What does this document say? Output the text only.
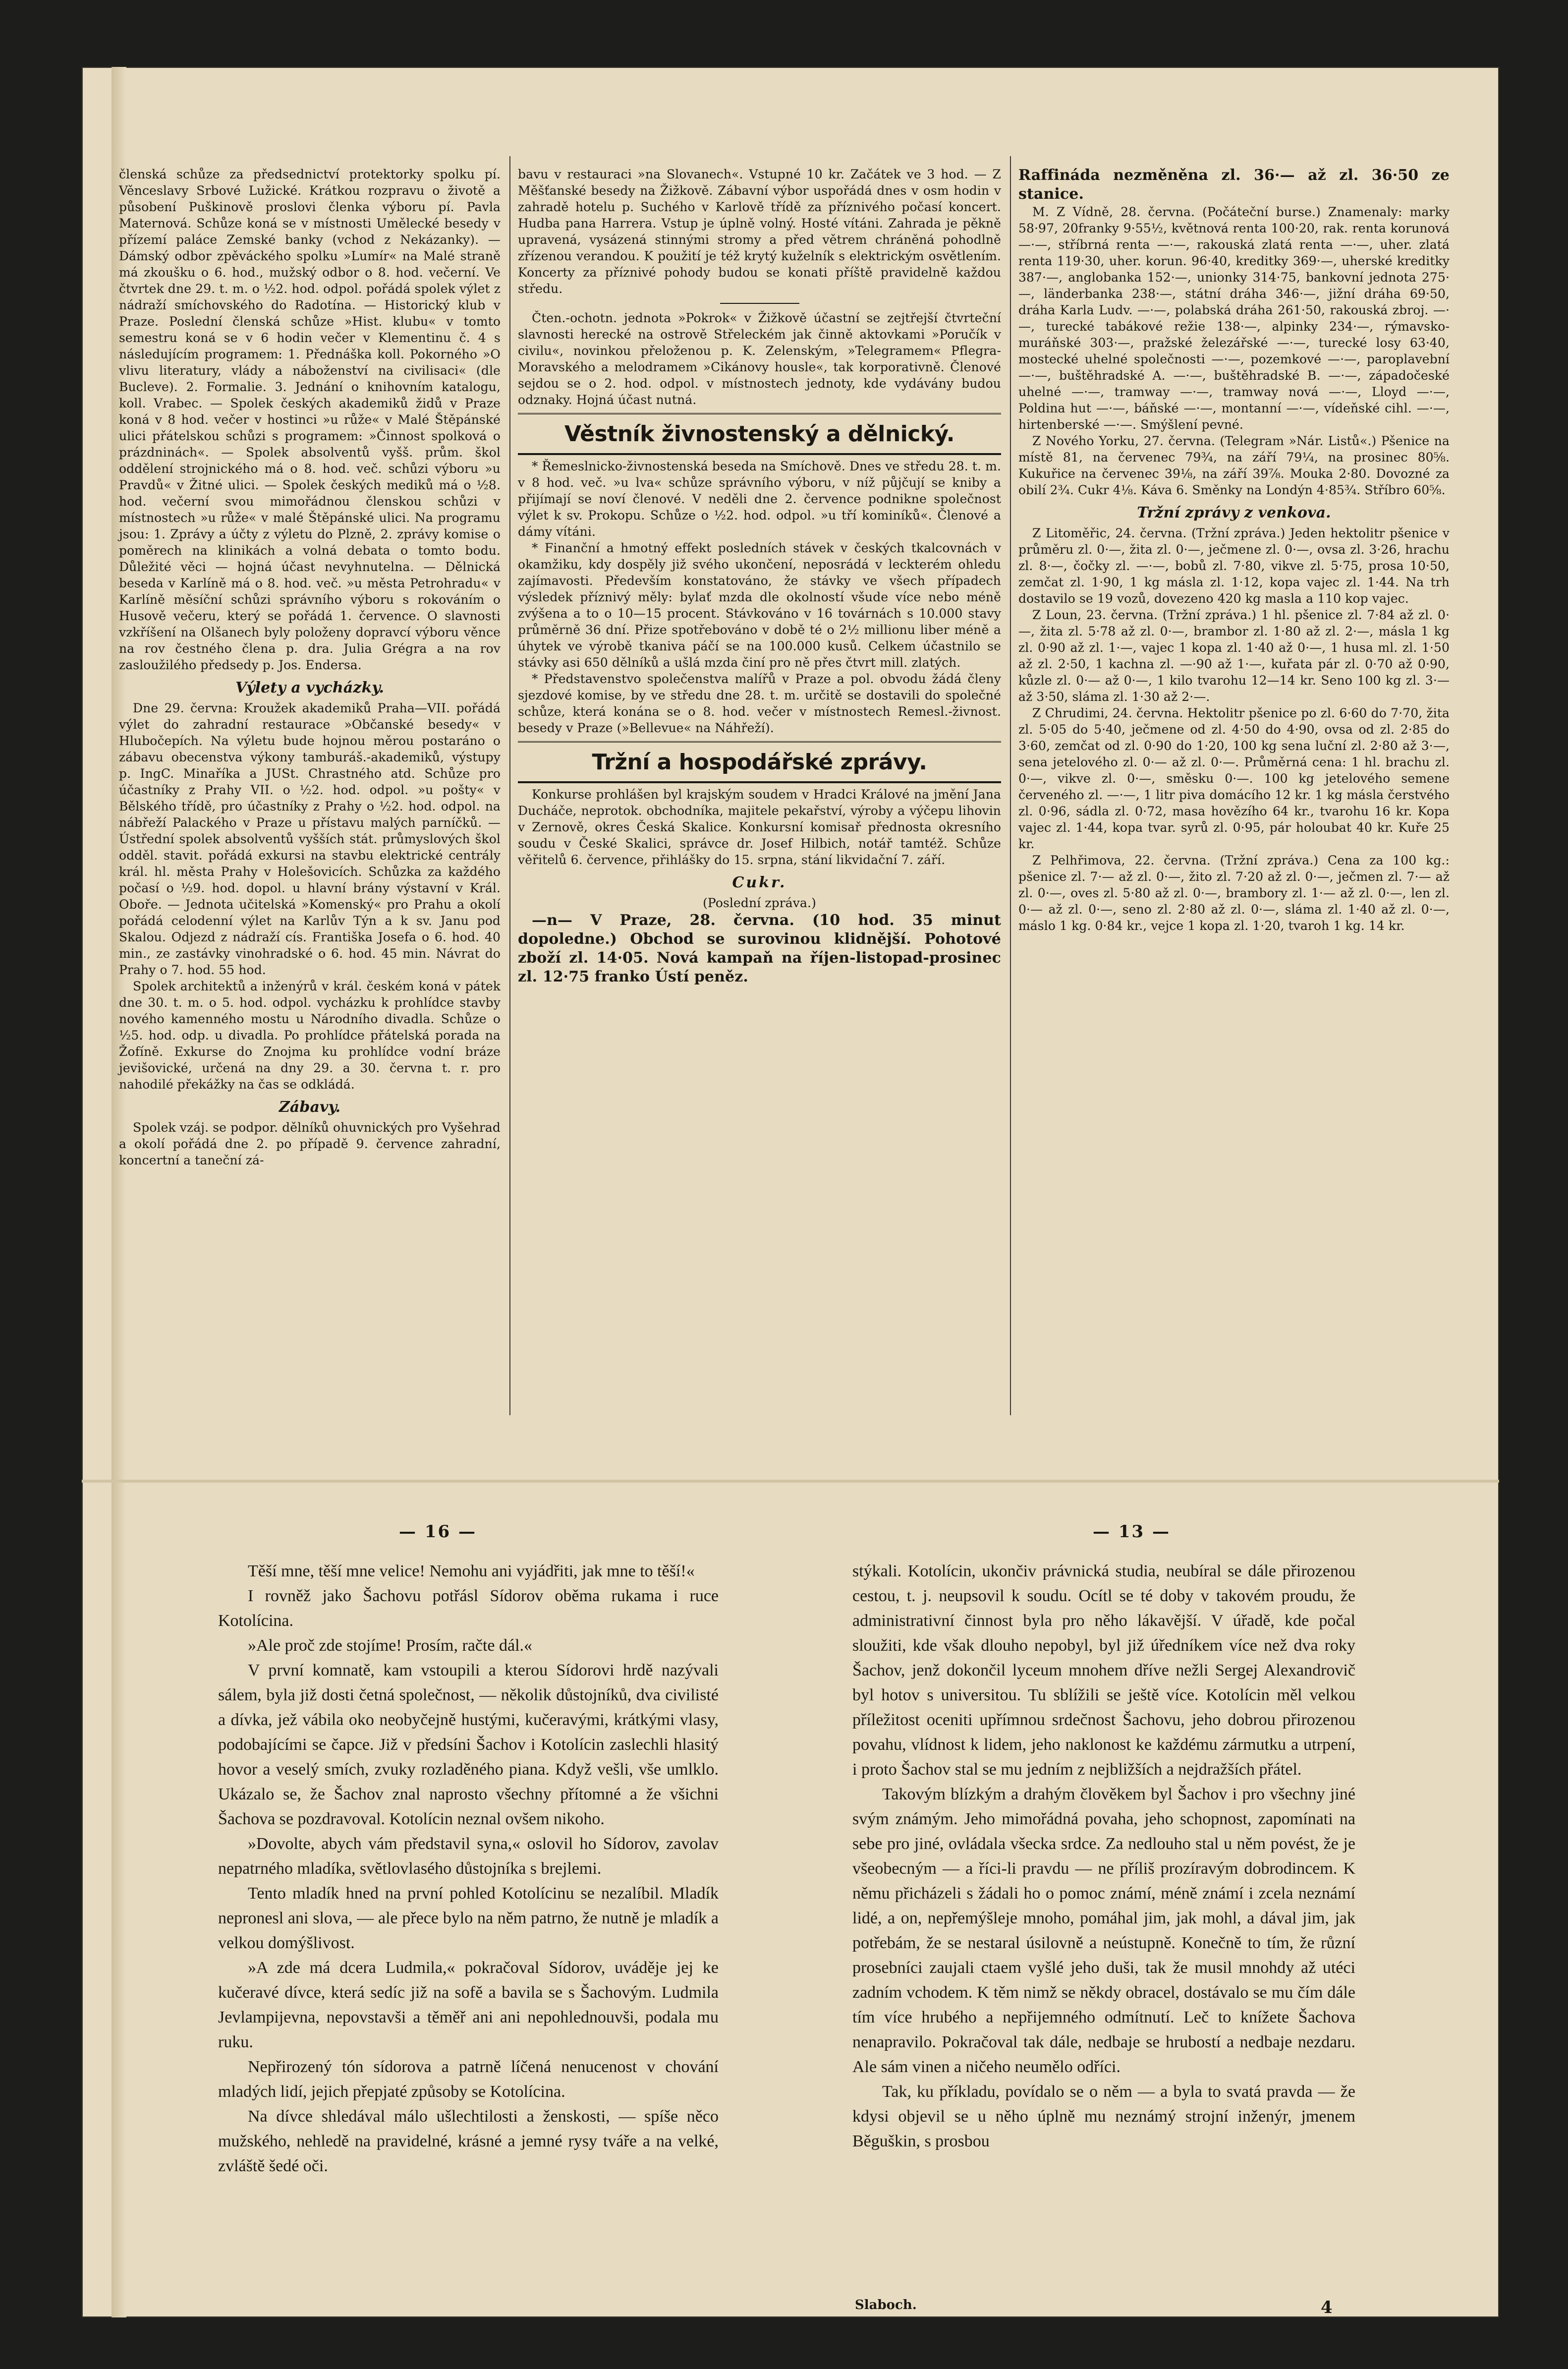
členská schůze za předsednictví protektorky spolku pí. Věnceslavy Srbové Lužické. Krátkou rozpravu o životě a působení Puškinově proslovi členka výboru pí. Pavla Maternová. Schůze koná se v místnosti Umělecké besedy v přízemí paláce Zemské banky (vchod z Nekázanky). — Dámský odbor zpěváckého spolku »Lumír« na Malé straně má zkoušku o 6. hod., mužský odbor o 8. hod. večerní. Ve čtvrtek dne 29. t. m. o ½2. hod. odpol. pořádá spolek výlet z nádraží smíchovského do Radotína. — Historický klub v Praze. Poslední členská schůze »Hist. klubu« v tomto semestru koná se v 6 hodin večer v Klementinu č. 4 s následujícím programem: 1. Přednáška koll. Pokorného »O vlivu literatury, vlády a náboženství na civilisaci« (dle Bucleve). 2. Formalie. 3. Jednání o knihovním katalogu, koll. Vrabec. — Spolek českých akademiků židů v Praze koná v 8 hod. večer v hostinci »u růže« v Malé Štěpánské ulici přátelskou schůzi s programem: »Činnost spolková o prázdninách«. — Spolek absolventů vyšš. prům. škol oddělení strojnického má o 8. hod. več. schůzi výboru »u Pravdů« v Žitné ulici. — Spolek českých mediků má o ½8. hod. večerní svou mimořádnou členskou schůzi v místnostech »u růže« v malé Štěpánské ulici. Na programu jsou: 1. Zprávy a účty z výletu do Plzně, 2. zprávy komise o poměrech na klinikách a volná debata o tomto bodu. Důležité věci — hojná účast nevyhnutelna. — Dělnická beseda v Karlíně má o 8. hod. več. »u města Petrohradu« v Karlíně měsíční schůzi správního výboru s rokováním o Husově večeru, který se pořádá 1. července. O slavnosti vzkříšení na Olšanech byly položeny dopravcí výboru věnce na rov čestného člena p. dra. Julia Grégra a na rov zasloužilého předsedy p. Jos. Endersa.

Výlety a vycházky.

Dne 29. června: Kroužek akademiků Praha—VII. pořádá výlet do zahradní restaurace »Občanské besedy« v Hlubočepích. Na výletu bude hojnou měrou postaráno o zábavu obecenstva výkony tamburáš.-akademiků, výstupy p. IngC. Minaříka a JUSt. Chrastného atd. Schůze pro účastníky z Prahy VII. o ½2. hod. odpol. »u pošty« v Bělského třídě, pro účastníky z Prahy o ½2. hod. odpol. na nábřeží Palackého v Praze u přístavu malých parníčků. — Ústřední spolek absolventů vyšších stát. průmyslových škol odděl. stavit. pořádá exkursi na stavbu elektrické centrály král. hl. města Prahy v Holešovicích. Schůzka za každého počasí o ½9. hod. dopol. u hlavní brány výstavní v Král. Oboře. — Jednota učitelská »Komenský« pro Prahu a okolí pořádá celodenní výlet na Karlův Týn a k sv. Janu pod Skalou. Odjezd z nádraží cís. Františka Josefa o 6. hod. 40 min., ze zastávky vinohradské o 6. hod. 45 min. Návrat do Prahy o 7. hod. 55 hod.

Spolek architektů a inženýrů v král. českém koná v pátek dne 30. t. m. o 5. hod. odpol. vycházku k prohlídce stavby nového kamenného mostu u Národního divadla. Schůze o ½5. hod. odp. u divadla. Po prohlídce přátelská porada na Žofíně. Exkurse do Znojma ku prohlídce vodní bráze jevišovické, určená na dny 29. a 30. června t. r. pro nahodilé překážky na čas se odkládá.

Zábavy.

Spolek vzáj. se podpor. dělníků ohuvnických pro Vyšehrad a okolí pořádá dne 2. po případě 9. července zahradní, koncertní a taneční zá-

bavu v restauraci »na Slovanech«. Vstupné 10 kr. Začátek ve 3 hod. — Z Měšťanské besedy na Žižkově. Zábavní výbor uspořádá dnes v osm hodin v zahradě hotelu p. Suchého v Karlově třídě za příznivého počasí koncert. Hudba pana Harrera. Vstup je úplně volný. Hosté vítáni. Zahrada je pěkně upravená, vysázená stinnými stromy a před větrem chráněná pohodlně zřízenou verandou. K použití je též krytý kuželník s elektrickým osvětlením. Koncerty za příznivé pohody budou se konati příště pravidelně každou středu.

Čten.-ochotn. jednota »Pokrok« v Žižkově účastní se zejtřejší čtvrteční slavnosti herecké na ostrově Střeleckém jak činně aktovkami »Poručík v civilu«, novinkou přeloženou p. K. Zelenským, »Telegramem« Pflegra-Moravského a melodramem »Cikánovy housle«, tak korporativně. Členové sejdou se o 2. hod. odpol. v místnostech jednoty, kde vydávány budou odznaky. Hojná účast nutná.

Věstník živnostenský a dělnický.

* Řemeslnicko-živnostenská beseda na Smíchově. Dnes ve středu 28. t. m. v 8 hod. več. »u lva« schůze správního výboru, v níž půjčují se kniby a přijímají se noví členové. V neděli dne 2. července podniknе společnost výlet k sv. Prokopu. Schůze o ½2. hod. odpol. »u tří kominíků«. Členové a dámy vítáni.

* Finanční a hmotný effekt posledních stávek v českých tkalcovnách v okamžiku, kdy dospěly již svého ukončení, neposrádá v leckterém ohledu zajímavosti. Především konstatováno, že stávky ve všech případech výsledek příznivý měly: bylať mzda dle okolností všude více nebo méně zvýšena a to o 10—15 procent. Stávkováno v 16 továrnách s 10.000 stavy průměrně 36 dní. Přize spotřebováno v době té o 2½ millionu liber méně a úhytek ve výrobě tkaniva páčí se na 100.000 kusů. Celkem účastnilo se stávky asi 650 dělníků a ušlá mzda činí pro ně přes čtvrt mill. zlatých.

* Představenstvo společenstva malířů v Praze a pol. obvodu žádá členy sjezdové komise, by ve středu dne 28. t. m. určitě se dostavili do společné schůze, která konána se o 8. hod. večer v místnostech Remesl.-živnost. besedy v Praze (»Bellevue« na Náhřeží).

Tržní a hospodářské zprávy.

Konkurse prohlášen byl krajským soudem v Hradci Králové na jmění Jana Ducháče, neprotok. obchodníka, majitele pekařství, výroby a výčepu lihovin v Zernově, okres Česká Skalice. Konkursní komisař přednosta okresního soudu v České Skalici, správce dr. Josef Hilbich, notář tamtéž. Schůze věřitelů 6. července, přihlášky do 15. srpna, stání likvidační 7. září.

Cukr.
(Poslední zpráva.)

—n— V Praze, 28. června. (10 hod. 35 minut dopoledne.) Obchod se surovinou klidnější. Pohotové zboží zl. 14·05. Nová kampaň na říjen-listopad-prosinec zl. 12·75 franko Ústí peněz.

Raffináda nezměněna zl. 36·— až zl. 36·50 ze stanice.

M. Z Vídně, 28. června. (Počáteční burse.) Znamenaly: marky 58·97, 20franky 9·55½, květnová renta 100·20, rak. renta korunová —·—, stříbrná renta —·—, rakouská zlatá renta —·—, uher. zlatá renta 119·30, uher. korun. 96·40, kreditky 369·—, uherské kreditky 387·—, anglobanka 152·—, unionky 314·75, bankovní jednota 275·—, länderbanka 238·—, státní dráha 346·—, jižní dráha 69·50, dráha Karla Ludv. —·—, polabská dráha 261·50, rakouská zbroj. —·—, turecké tabákové režie 138·—, alpinky 234·—, rýmavsko-muráňské 303·—, pražské železářské —·—, turecké losy 63·40, mostecké uhelné společnosti —·—, pozemkové —·—, paroplavební —·—, buštěhradské A. —·—, buštěhradské B. —·—, západočeské uhelné —·—, tramway —·—, tramway nová —·—, Lloyd —·—, Poldina hut —·—, báňské —·—, montanní —·—, vídeňské cihl. —·—, hirtenberské —·—. Smýšlení pevné.

Z Nového Yorku, 27. června. (Telegram »Nár. Listů«.) Pšenice na místě 81, na červenec 79¾, na září 79¼, na prosinec 80⅝. Kukuřice na červenec 39⅛, na září 39⅞. Mouka 2·80. Dovozné za obilí 2¾. Cukr 4⅛. Káva 6. Směnky na Londýn 4·85¾. Stříbro 60⅝.

Tržní zprávy z venkova.

Z Litoměřic, 24. června. (Tržní zpráva.) Jeden hektolitr pšenice v průměru zl. 0·—, žita zl. 0·—, ječmene zl. 0·—, ovsa zl. 3·26, hrachu zl. 8·—, čočky zl. —·—, bobů zl. 7·80, vikve zl. 5·75, prosa 10·50, zemčat zl. 1·90, 1 kg másla zl. 1·12, kopa vajec zl. 1·44. Na trh dostavilo se 19 vozů, dovezeno 420 kg masla a 110 kop vajec.

Z Loun, 23. června. (Tržní zpráva.) 1 hl. pšenice zl. 7·84 až zl. 0·—, žita zl. 5·78 až zl. 0·—, brambor zl. 1·80 až zl. 2·—, másla 1 kg zl. 0·90 až zl. 1·—, vajec 1 kopa zl. 1·40 až 0·—, 1 husa ml. zl. 1·50 až zl. 2·50, 1 kachna zl. —·90 až 1·—, kuřata pár zl. 0·70 až 0·90, kůzle zl. 0·— až 0·—, 1 kilo tvarohu 12—14 kr. Seno 100 kg zl. 3·— až 3·50, sláma zl. 1·30 až 2·—.

Z Chrudimi, 24. června. Hektolitr pšenice po zl. 6·60 do 7·70, žita zl. 5·05 do 5·40, ječmene od zl. 4·50 do 4·90, ovsa od zl. 2·85 do 3·60, zemčat od zl. 0·90 do 1·20, 100 kg sena luční zl. 2·80 až 3·—, sena jetelového zl. 0·— až zl. 0·—. Průměrná cena: 1 hl. brachu zl. 0·—, vikve zl. 0·—, směsku 0·—. 100 kg jetelového semene červeného zl. —·—, 1 litr piva domácího 12 kr. 1 kg másla čerstvého zl. 0·96, sádla zl. 0·72, masa hovězího 64 kr., tvarohu 16 kr. Kopa vajec zl. 1·44, kopa tvar. syrů zl. 0·95, pár holoubat 40 kr. Kuře 25 kr.

Z Pelhřimova, 22. června. (Tržní zpráva.) Cena za 100 kg.: pšenice zl. 7·— až zl. 0·—, žito zl. 7·20 až zl. 0·—, ječmen zl. 7·— až zl. 0·—, oves zl. 5·80 až zl. 0·—, brambory zl. 1·— až zl. 0·—, len zl. 0·— až zl. 0·—, seno zl. 2·80 až zl. 0·—, sláma zl. 1·40 až zl. 0·—, máslo 1 kg. 0·84 kr., vejce 1 kopa zl. 1·20, tvaroh 1 kg. 14 kr.

— 16 —	— 13 —

Těší mne, těší mne velice! Nemohu ani vyjádřiti, jak mne to těší!«

I rovněž jako Šachovu potřásl Sídorov oběma rukama i ruce Kotolícina.

»Ale proč zde stojíme! Prosím, račte dál.«

V první komnatě, kam vstoupili a kterou Sídorovi hrdě nazývali sálem, byla již dosti četná společnost, — několik důstojníků, dva civilisté a dívka, jež vábila oko neobyčejně hustými, kučeravými, krátkými vlasy, podobajícími se čapce. Již v předsíni Šachov i Kotolícin zaslechli hlasitý hovor a veselý smích, zvuky rozladěného piana. Když vešli, vše umlklo. Ukázalo se, že Šachov znal naprosto všechny přítomné a že všichni Šachova se pozdravoval. Kotolícin neznal ovšem nikoho.

»Dovolte, abych vám představil syna,« oslovil ho Sídorov, zavolav nepatrného mladíka, světlovlasého důstojníka s brejlemi.

Tento mladík hned na první pohled Kotolícinu se nezalíbil. Mladík nepronesl ani slova, — ale přece bylo na něm patrno, že nutně je mladík a velkou domýšlivost.

»A zde má dcera Ludmila,« pokračoval Sídorov, uváděje jej ke kučeravé dívce, která sedíc již na sofě a bavila se s Šachovým. Ludmila Jevlampijevna, nepovstavši a těměř ani ani nepohlednouvši, podala mu ruku.

Nepřirozený tón sídorova a patrně líčená nenucenost v chování mladých lidí, jejich přepjaté způsoby se Kotolícina.

Na dívce shledával málo ušlechtilosti a ženskosti, — spíše něco mužského, nehledě na pravidelné, krásné a jemné rysy tváře a na velké, zvláště šedé oči.

stýkali. Kotolícin, ukončiv právnická studia, neubíral se dále přirozenou cestou, t. j. neupsovil k soudu. Ocítl se té doby v takovém proudu, že administrativní činnost byla pro něho lákavější. V úřadě, kde počal sloužiti, kde však dlouho nepobyl, byl již úředníkem více než dva roky Šachov, jenž dokončil lyceum mnohem dříve nežli Sergej Alexandrovič byl hotov s universitou. Tu sblížili se ještě více. Kotolícin měl velkou příležitost oceniti upřímnou srdečnost Šachovu, jeho dobrou přirozenou povahu, vlídnost k lidem, jeho naklonost ke každému zármutku a utrpení, i proto Šachov stal se mu jedním z nejbližších a nejdražších přátel.

Takovým blízkým a drahým člověkem byl Šachov i pro všechny jiné svým známým. Jeho mimořádná povaha, jeho schopnost, zapomínati na sebe pro jiné, ovládala všecka srdce. Za nedlouho stal u něm povést, že je všeobecným — a říci-li pravdu — ne příliš prozíravým dobrodincem. K němu přicházeli s žádali ho o pomoc známí, méně známí i zcela neznámí lidé, a on, nepřemýšleje mnoho, pomáhal jim, jak mohl, a dával jim, jak potřebám, že se nestaral úsilovně a neústupně. Konečně to tím, že různí prosebníci zaujali ctaem vyšlé jeho duši, tak že musil mnohdy až utéci zadním vchodem. K těm nimž se někdy obracel, dostávalo se mu čím dále tím více hrubého a nepřijemného odmítnutí. Leč to knížete Šachova nenapravilo. Pokračoval tak dále, nedbaje se hrubostí a nedbaje nezdaru. Ale sám vinen a ničeho neumělo odříci.

Tak, ku příkladu, povídalo se o něm — a byla to svatá pravda — že kdysi objevil se u něho úplně mu neznámý strojní inženýr, jmenem Běguškin, s prosbou

Slaboch.	4
